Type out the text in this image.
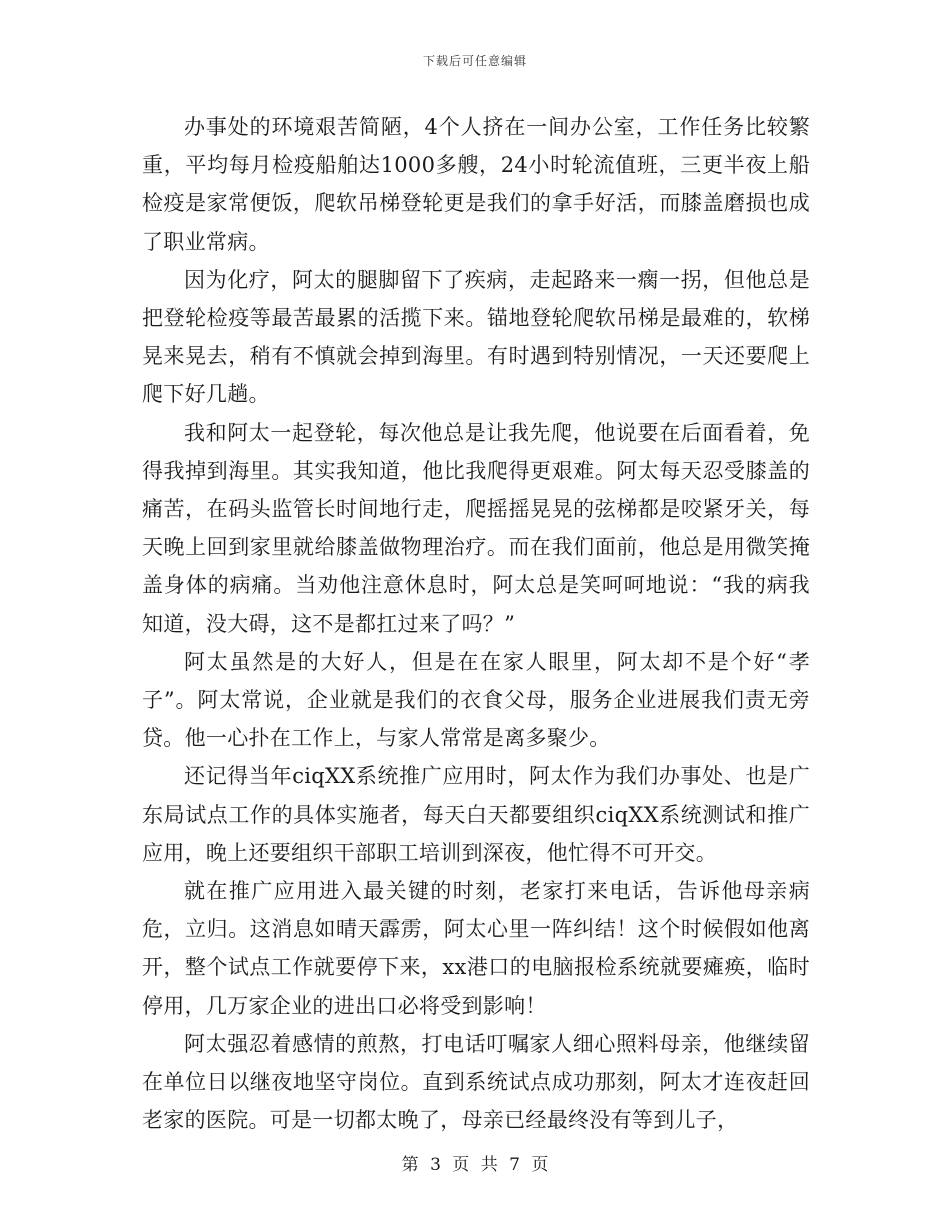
下载后可任意编辑

办事处的环境艰苦简陋，4个人挤在一间办公室，工作任务比较繁重，平均每月检疫船舶达1000多艘，24小时轮流值班，三更半夜上船检疫是家常便饭，爬软吊梯登轮更是我们的拿手好活，而膝盖磨损也成了职业常病。

因为化疗，阿太的腿脚留下了疾病，走起路来一瘸一拐，但他总是把登轮检疫等最苦最累的活揽下来。锚地登轮爬软吊梯是最难的，软梯晃来晃去，稍有不慎就会掉到海里。有时遇到特别情况，一天还要爬上爬下好几趟。

我和阿太一起登轮，每次他总是让我先爬，他说要在后面看着，免得我掉到海里。其实我知道，他比我爬得更艰难。阿太每天忍受膝盖的痛苦，在码头监管长时间地行走，爬摇摇晃晃的弦梯都是咬紧牙关，每天晚上回到家里就给膝盖做物理治疗。而在我们面前，他总是用微笑掩盖身体的病痛。当劝他注意休息时，阿太总是笑呵呵地说：“我的病我知道，没大碍，这不是都扛过来了吗？”

阿太虽然是的大好人，但是在在家人眼里，阿太却不是个好“孝子”。阿太常说，企业就是我们的衣食父母，服务企业进展我们责无旁贷。他一心扑在工作上，与家人常常是离多聚少。

还记得当年ciqXX系统推广应用时，阿太作为我们办事处、也是广东局试点工作的具体实施者，每天白天都要组织ciqXX系统测试和推广应用，晚上还要组织干部职工培训到深夜，他忙得不可开交。

就在推广应用进入最关键的时刻，老家打来电话，告诉他母亲病危，立归。这消息如晴天霹雳，阿太心里一阵纠结！这个时候假如他离开，整个试点工作就要停下来，xx港口的电脑报检系统就要瘫痪，临时停用，几万家企业的进出口必将受到影响！

阿太强忍着感情的煎熬，打电话叮嘱家人细心照料母亲，他继续留在单位日以继夜地坚守岗位。直到系统试点成功那刻，阿太才连夜赶回老家的医院。可是一切都太晚了，母亲已经最终没有等到儿子，

第 3 页 共 7 页
